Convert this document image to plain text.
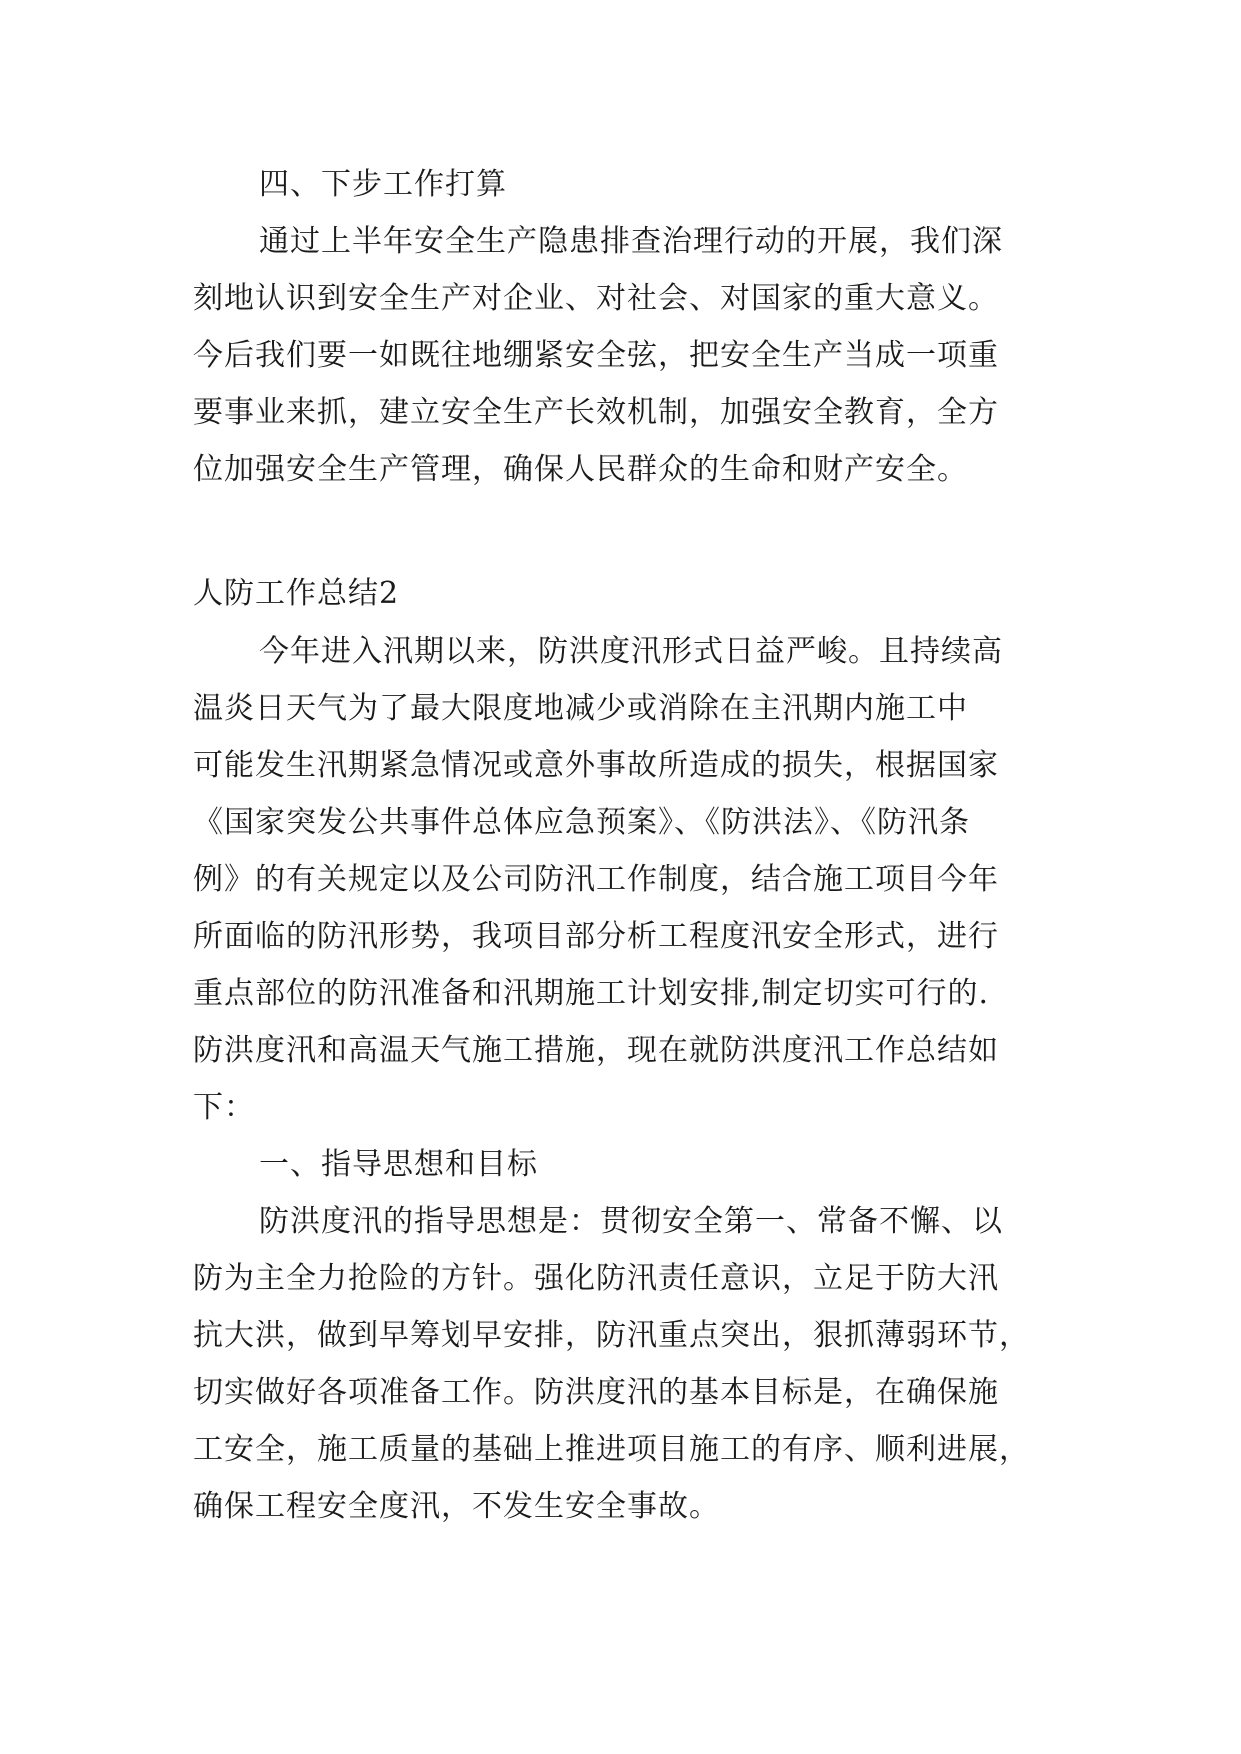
四、下步工作打算
通过上半年安全生产隐患排查治理行动的开展，我们深
刻地认识到安全生产对企业、对社会、对国家的重大意义。
今后我们要一如既往地绷紧安全弦，把安全生产当成一项重
要事业来抓，建立安全生产长效机制，加强安全教育，全方
位加强安全生产管理，确保人民群众的生命和财产安全。
人防工作总结2
今年进入汛期以来，防洪度汛形式日益严峻。且持续高
温炎日天气为了最大限度地减少或消除在主汛期内施工中
可能发生汛期紧急情况或意外事故所造成的损失，根据国家
《国家突发公共事件总体应急预案》、《防洪法》、《防汛条
例》的有关规定以及公司防汛工作制度，结合施工项目今年
所面临的防汛形势，我项目部分析工程度汛安全形式，进行
重点部位的防汛准备和汛期施工计划安排,制定切实可行的.
防洪度汛和高温天气施工措施，现在就防洪度汛工作总结如
下：
一、指导思想和目标
防洪度汛的指导思想是：贯彻安全第一、常备不懈、以
防为主全力抢险的方针。强化防汛责任意识，立足于防大汛
抗大洪，做到早筹划早安排，防汛重点突出，狠抓薄弱环节，
切实做好各项准备工作。防洪度汛的基本目标是，在确保施
工安全，施工质量的基础上推进项目施工的有序、顺利进展，
确保工程安全度汛，不发生安全事故。
